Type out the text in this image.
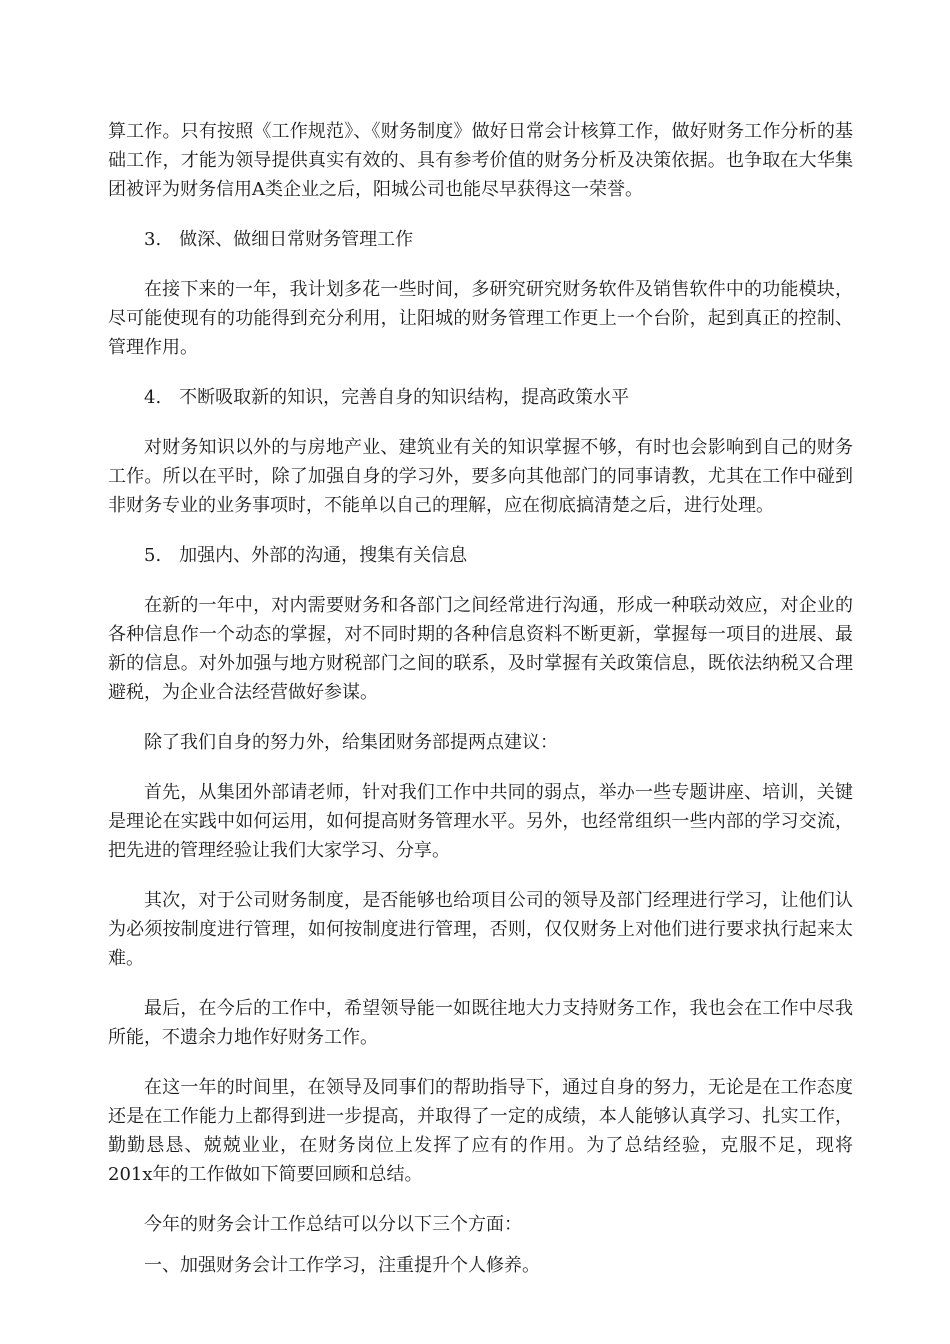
算工作。只有按照《工作规范》、《财务制度》做好日常会计核算工作，做好财务工作分析的基础工作，才能为领导提供真实有效的、具有参考价值的财务分析及决策依据。也争取在大华集团被评为财务信用A类企业之后，阳城公司也能尽早获得这一荣誉。

3.　做深、做细日常财务管理工作

在接下来的一年，我计划多花一些时间，多研究研究财务软件及销售软件中的功能模块，尽可能使现有的功能得到充分利用，让阳城的财务管理工作更上一个台阶，起到真正的控制、管理作用。

4.　不断吸取新的知识，完善自身的知识结构，提高政策水平

对财务知识以外的与房地产业、建筑业有关的知识掌握不够，有时也会影响到自己的财务工作。所以在平时，除了加强自身的学习外，要多向其他部门的同事请教，尤其在工作中碰到非财务专业的业务事项时，不能单以自己的理解，应在彻底搞清楚之后，进行处理。

5.　加强内、外部的沟通，搜集有关信息

在新的一年中，对内需要财务和各部门之间经常进行沟通，形成一种联动效应，对企业的各种信息作一个动态的掌握，对不同时期的各种信息资料不断更新，掌握每一项目的进展、最新的信息。对外加强与地方财税部门之间的联系，及时掌握有关政策信息，既依法纳税又合理避税，为企业合法经营做好参谋。

除了我们自身的努力外，给集团财务部提两点建议：

首先，从集团外部请老师，针对我们工作中共同的弱点，举办一些专题讲座、培训，关键是理论在实践中如何运用，如何提高财务管理水平。另外，也经常组织一些内部的学习交流，把先进的管理经验让我们大家学习、分享。

其次，对于公司财务制度，是否能够也给项目公司的领导及部门经理进行学习，让他们认为必须按制度进行管理，如何按制度进行管理，否则，仅仅财务上对他们进行要求执行起来太难。

最后，在今后的工作中，希望领导能一如既往地大力支持财务工作，我也会在工作中尽我所能，不遗余力地作好财务工作。

在这一年的时间里，在领导及同事们的帮助指导下，通过自身的努力，无论是在工作态度还是在工作能力上都得到进一步提高，并取得了一定的成绩，本人能够认真学习、扎实工作，勤勤恳恳、兢兢业业，在财务岗位上发挥了应有的作用。为了总结经验，克服不足，现将201x年的工作做如下简要回顾和总结。

今年的财务会计工作总结可以分以下三个方面：

一、加强财务会计工作学习，注重提升个人修养。
